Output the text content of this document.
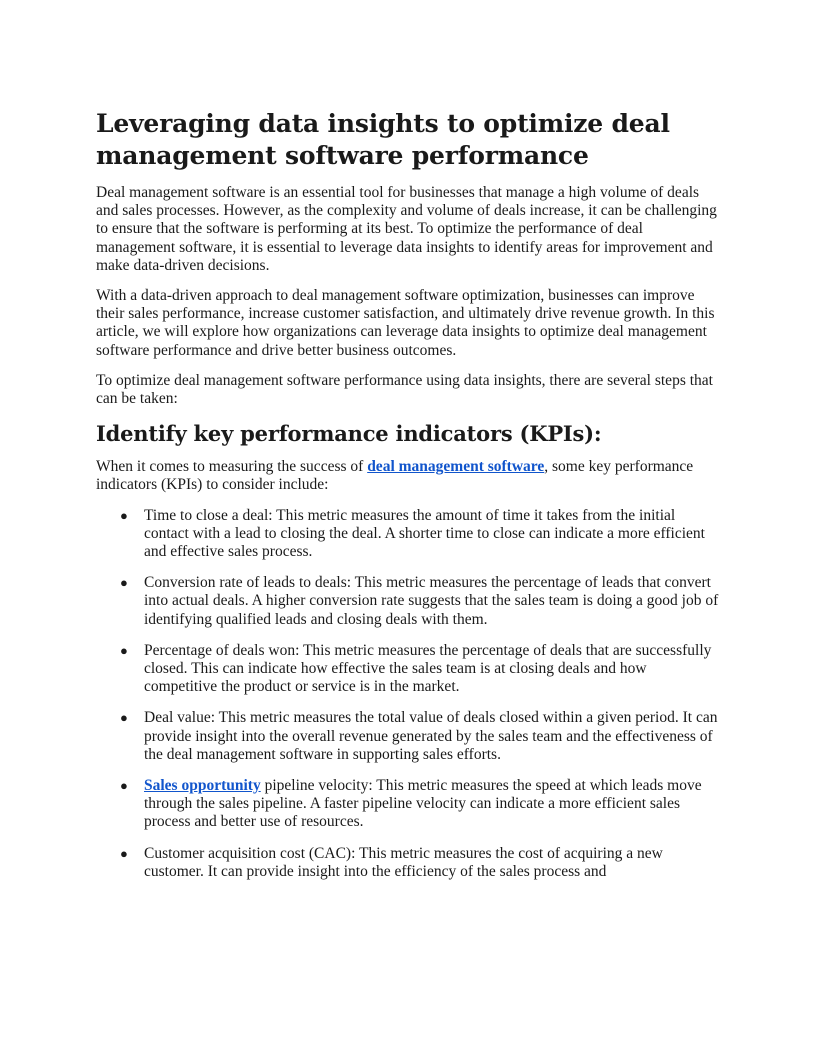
Leveraging data insights to optimize deal management software performance

Deal management software is an essential tool for businesses that manage a high volume of deals and sales processes. However, as the complexity and volume of deals increase, it can be challenging to ensure that the software is performing at its best. To optimize the performance of deal management software, it is essential to leverage data insights to identify areas for improvement and make data-driven decisions.

With a data-driven approach to deal management software optimization, businesses can improve their sales performance, increase customer satisfaction, and ultimately drive revenue growth. In this article, we will explore how organizations can leverage data insights to optimize deal management software performance and drive better business outcomes.

To optimize deal management software performance using data insights, there are several steps that can be taken:

Identify key performance indicators (KPIs):

When it comes to measuring the success of deal management software, some key performance indicators (KPIs) to consider include:

● Time to close a deal: This metric measures the amount of time it takes from the initial contact with a lead to closing the deal. A shorter time to close can indicate a more efficient and effective sales process.
● Conversion rate of leads to deals: This metric measures the percentage of leads that convert into actual deals. A higher conversion rate suggests that the sales team is doing a good job of identifying qualified leads and closing deals with them.
● Percentage of deals won: This metric measures the percentage of deals that are successfully closed. This can indicate how effective the sales team is at closing deals and how competitive the product or service is in the market.
● Deal value: This metric measures the total value of deals closed within a given period. It can provide insight into the overall revenue generated by the sales team and the effectiveness of the deal management software in supporting sales efforts.
● Sales opportunity pipeline velocity: This metric measures the speed at which leads move through the sales pipeline. A faster pipeline velocity can indicate a more efficient sales process and better use of resources.
● Customer acquisition cost (CAC): This metric measures the cost of acquiring a new customer. It can provide insight into the efficiency of the sales process and
